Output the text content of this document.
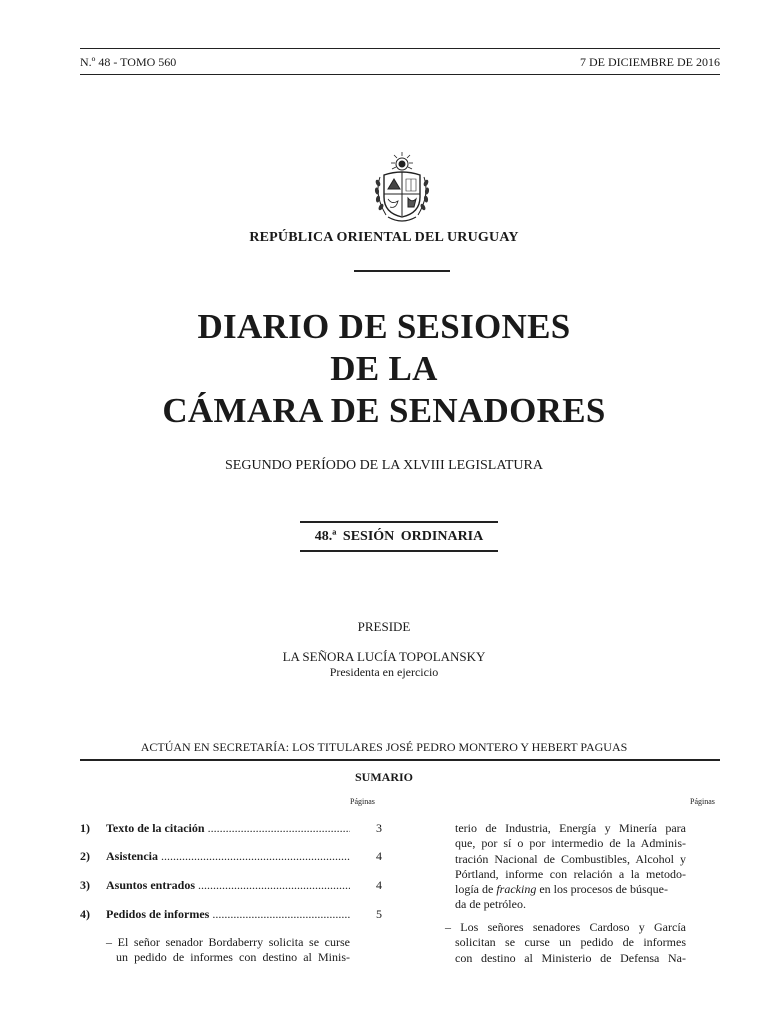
N.º 48 - TOMO 560	7 DE DICIEMBRE DE 2016
REPÚBLICA ORIENTAL DEL URUGUAY
DIARIO DE SESIONES
DE LA
CÁMARA DE SENADORES
SEGUNDO PERÍODO DE LA XLVIII LEGISLATURA
48.ª SESIÓN ORDINARIA
PRESIDE
LA SEÑORA LUCÍA TOPOLANSKY
Presidenta en ejercicio
ACTÚAN EN SECRETARÍA: LOS TITULARES JOSÉ PEDRO MONTERO Y HEBERT PAGUAS
SUMARIO
Páginas	Páginas
1) Texto de la citación .....	3
2) Asistencia .....	4
3) Asuntos entrados .....	4
4) Pedidos de informes .....	5
– El señor senador Bordaberry solicita se curse
un pedido de informes con destino al Minis-
terio de Industria, Energía y Minería para
que, por sí o por intermedio de la Adminis-
tración Nacional de Combustibles, Alcohol y
Pórtland, informe con relación a la metodo-
logía de fracking en los procesos de búsque-
da de petróleo.
– Los señores senadores Cardoso y García
solicitan se curse un pedido de informes
con destino al Ministerio de Defensa Na-
